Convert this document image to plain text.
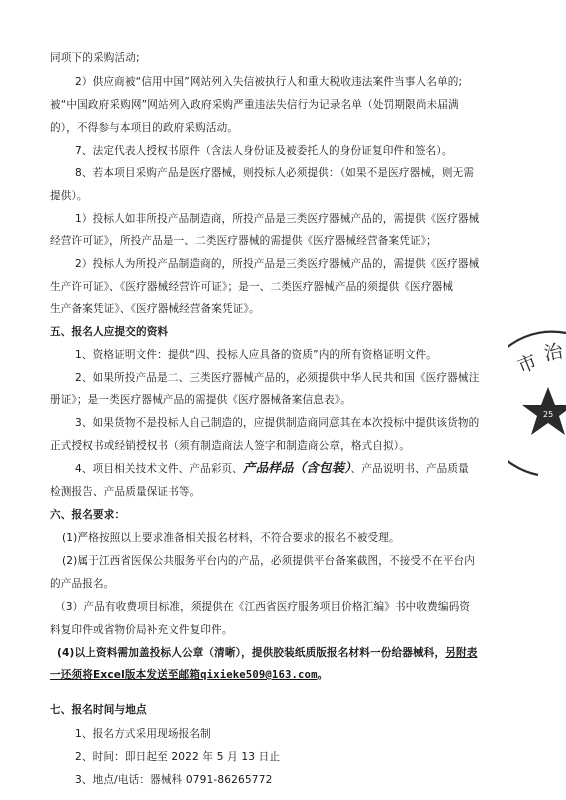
同项下的采购活动;
2）供应商被“信用中国”网站列入失信被执行人和重大税收违法案件当事人名单的;
被“中国政府采购网”网站列入政府采购严重违法失信行为记录名单（处罚期限尚未届满
的），不得参与本项目的政府采购活动。
7、法定代表人授权书原件（含法人身份证及被委托人的身份证复印件和签名）。
8、若本项目采购产品是医疗器械，则投标人必须提供：（如果不是医疗器械，则无需
提供）。
1）投标人如非所投产品制造商，所投产品是三类医疗器械产品的，需提供《医疗器械
经营许可证》，所投产品是一、二类医疗器械的需提供《医疗器械经营备案凭证》；
2）投标人为所投产品制造商的，所投产品是三类医疗器械产品的，需提供《医疗器械
生产许可证》、《医疗器械经营许可证》；是一、二类医疗器械产品的须提供《医疗器械
生产备案凭证》、《医疗器械经营备案凭证》。
五、报名人应提交的资料
1、资格证明文件：提供“四、投标人应具备的资质”内的所有资格证明文件。
2、如果所投产品是二、三类医疗器械产品的，必须提供中华人民共和国《医疗器械注
册证》；是一类医疗器械产品的需提供《医疗器械备案信息表》。
3、如果货物不是投标人自己制造的，应提供制造商同意其在本次投标中提供该货物的
正式授权书或经销授权书（须有制造商法人签字和制造商公章，格式自拟）。
4、项目相关技术文件、产品彩页、产品样品（含包装）、产品说明书、产品质量
检测报告、产品质量保证书等。
六、报名要求：
(1)严格按照以上要求准备相关报名材料，不符合要求的报名不被受理。
(2)属于江西省医保公共服务平台内的产品，必须提供平台备案截图，不接受不在平台内
的产品报名。
（3）产品有收费项目标准，须提供在《江西省医疗服务项目价格汇编》书中收费编码资
料复印件或省物价局补充文件复印件。
(4)以上资料需加盖投标人公章（清晰），提供胶装纸质版报名材料一份给器械科，另附表
一还须将Excel版本发送至邮箱qixieke509@163.com。
七、报名时间与地点
1、报名方式采用现场报名制
2、时间：即日起至 2022 年 5 月 13 日止
3、地点/电话：器械科 0791-86265772
市 治
25
